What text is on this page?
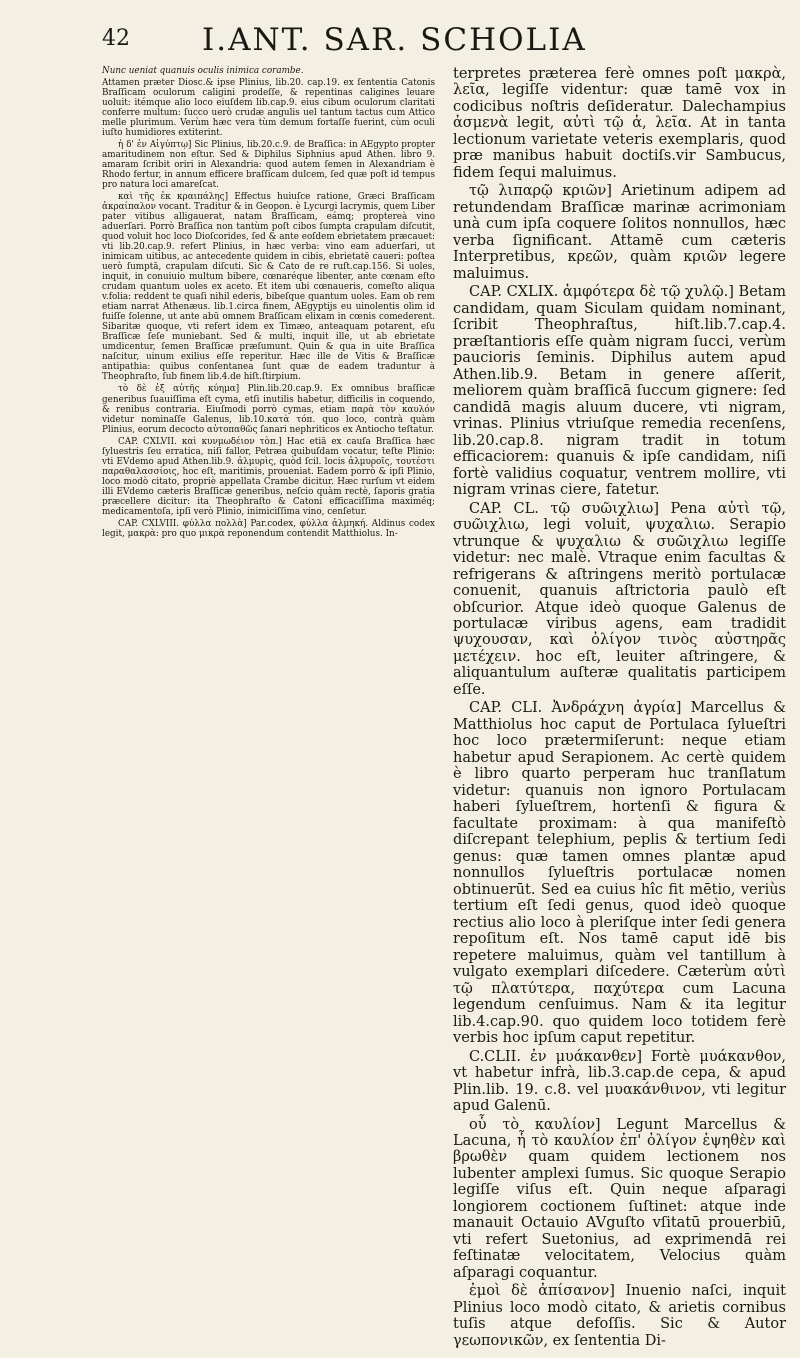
42 I.ANT. SAR. SCHOLIA

Nunc ueniat quanuis oculis inimica corambe.

Attamen præter Diosc.& ipse Plinius, lib.20. cap.19. ex ſententia Catonis Braſſicam oculorum caligini prodeſſe, & repentinas caligines leuare uoluit: itémque alio loco eiuſdem lib.cap.9. eius cibum oculorum claritati conferre multum: ſucco uerò crudæ angulis uel tantum tactus cum Attico melle plurimum. Verùm hæc vera tùm demum fortaſſe fuerint, cùm oculi iuſto humidiores extiterint.

ἡ δ' ἐν Αἰγύπτῳ] Sic Plinius, lib.20.c.9. de Braſſica: in AEgypto propter amaritudinem non eſtur. Sed & Diphilus Siphnius apud Athen. libro 9. amaram ſcribit oriri in Alexandria: quod autem ſemen in Alexandriam è Rhodo fertur, in annum efficere braſſicam dulcem, ſed quæ poſt id tempus pro natura loci amareſcat.

καὶ τῆς ἐκ κραιπάλης] Effectus huiuſce ratione, Græci Braſſicam ἀκραίπαλον vocant. Traditur & in Geopon. è Lycurgi lacrymis, quem Liber pater vitibus alligauerat, natam Braſſicam, eámq; proptereà vino aduerſari. Porrò Braſſica non tantùm poſt cibos ſumpta crapulam diſcutit, quod voluit hoc loco Dioſcorides, ſed & ante eoſdem ebrietatem præcauet: vti lib.20.cap.9. refert Plinius, in hæc verba: vino eam aduerſari, ut inimicam uitibus, ac antecedente quidem in cibis, ebrietatē caueri: poſtea uerò ſumptā, crapulam diſcuti. Sic & Cato de re ruſt.cap.156. Si uoles, inquit, in conuiuio multum bibere, cœnaréque libenter, ante cœnam eſto crudam quantum uoles ex aceto. Et item ubi cœnaueris, comeſto aliqua v.folia: reddent te quaſi nihil ederis, bibeſque quantum uoles. Eam ob rem etiam narrat Athenæus. lib.1.circa finem, AEgyptijs eu uinolentis olim id fuiſſe ſolenne, ut ante abū omnem Braſſicam elixam in cœnis comederent. Sibaritæ quoque, vti refert idem ex Timæo, anteaquam potarent, eſu Braſſicæ ſeſe muniebant. Sed & multi, inquit ille, ut ab ebrietate umdicentur, ſemen Braſſicæ præſumunt. Quin & qua in uite Braſſica naſcitur, uinum exilius eſſe reperitur. Hæc ille de Vitis & Braſſicæ antipathia: quibus conſentanea ſunt quæ de eadem traduntur à Theophraſto, ſub finem lib.4.de hiſt.ſtirpium.

τὸ δὲ ἐξ αὐτῆς κύημα] Plin.lib.20.cap.9. Ex omnibus braſſicæ generibus ſuauiſſima eſt cyma, etſi inutilis habetur, difficilis in coquendo, & renibus contraria. Eiuſmodi porrò cymas, etiam παρὰ τὸν καυλόν videtur nominaſſe Galenus, lib.10.κατὰ τόπ. quo loco, contrà quàm Plinius, eorum decocto αὐτοπαθῶς ſanari nephriticos ex Antiocho teſtatur.

CAP. CXLVII. καὶ κυνμωδέιον τὸπ.] Hac etiā ex cauſa Braſſica hæc ſyluestris ſeu erratica, niſi fallor, Petræa quibuſdam vocatur, teſte Plinio: vti EVdemo apud Athen.lib.9. ἀλμυρὶς, quòd ſcil. locis ἁλμυροῖς, τουτέστι παραθαλασσίοις, hoc eſt, maritimis, proueniat. Eadem porrò & ipſi Plinio, loco modò citato, propriè appellata Crambe dicitur. Hæc rurſum vt eidem illi EVdemo cæteris Braſſicæ generibus, neſcio quàm rectè, ſaporis gratia præcellere dicitur: ita Theophraſto & Catoni efficaciſſima maximéq; medicamentoſa, ipſi verò Plinio, inimiciſſima vino, cenſetur.

CAP. CXLVIII. φύλλα πολλὰ] Par.codex, φύλλα ἀλμηκή. Aldinus codex legit, μακρὰ: pro quo μικρὰ reponendum contendit Matthiolus. In-

terpretes præterea ferè omnes poſt μακρὰ, λεῖα, legiſſe videntur: quæ tamē vox in codicibus noſtris deſideratur. Dalechampius ἀσμενὰ legit, αὐτὶ τῷ ἁ, λεῖα. At in tanta lectionum varietate veteris exemplaris, quod præ manibus habuit doctiſs.vir Sambucus, fidem ſequi maluimus.

τῷ λιπαρῷ κριῶν] Arietinum adipem ad retundendam Braſſicæ marinæ acrimoniam unà cum ipſa coquere ſolitos nonnullos, hæc verba ſignificant. Attamē cum cæteris Interpretibus, κρεῶν, quàm κριῶν legere maluimus.

CAP. CXLIX. ἀμφότερα δὲ τῷ χυλῷ.] Betam candidam, quam Siculam quidam nominant, ſcribit Theophraſtus, hiſt.lib.7.cap.4. præſtantioris eſſe quàm nigram ſucci, verùm paucioris ſeminis. Diphilus autem apud Athen.lib.9. Betam in genere aſſerit, meliorem quàm braſſicā ſuccum gignere: ſed candidā magis aluum ducere, vti nigram, vrinas. Plinius vtriuſque remedia recenſens, lib.20.cap.8. nigram tradit in totum efficaciorem: quanuis & ipſe candidam, niſi fortè validius coquatur, ventrem mollire, vti nigram vrinas ciere, fatetur.

CAP. CL. τῷ συῶιχλιω] Pena αὐτὶ τῷ, συῶιχλιω, legi voluit, ψυχαλιω. Serapio vtrunque & ψυχαλιω & συῶιχλιω legiſſe videtur: nec malè. Vtraque enim facultas & refrigerans & aſtringens meritò portulacæ conuenit, quanuis aſtrictoria paulò eſt obſcurior. Atque ideò quoque Galenus de portulacæ viribus agens, eam tradidit ψυχουσαν, καὶ ὀλίγον τινὸς αὐστηρᾶς μετέχειν. hoc eſt, leuiter aſtringere, & aliquantulum auſteræ qualitatis participem eſſe.

CAP. CLI. Ἀνδράχνη ἀγρία] Marcellus & Matthiolus hoc caput de Portulaca ſylueſtri hoc loco prætermiſerunt: neque etiam habetur apud Serapionem. Ac certè quidem è libro quarto perperam huc tranſlatum videtur: quanuis non ignoro Portulacam haberi ſylueſtrem, hortenſi & figura & facultate proximam: à qua manifeſtò diſcrepant telephium, peplis & tertium ſedi genus: quæ tamen omnes plantæ apud nonnullos ſylueſtris portulacæ nomen obtinuerūt. Sed ea cuius hîc fit mētio, veriùs tertium eſt ſedi genus, quod ideò quoque rectius alio loco à pleriſque inter ſedi genera repoſitum eſt. Nos tamē caput idē bis repetere maluimus, quàm vel tantillum à vulgato exemplari diſcedere. Cæterùm αὐτὶ τῷ πλατύτερα, παχύτερα cum Lacuna legendum cenſuimus. Nam & ita legitur lib.4.cap.90. quo quidem loco totidem ferè verbis hoc ipſum caput repetitur.

C.CLII. ἐν μυάκανθεν] Fortè μυάκανθον, vt habetur infrà, lib.3.cap.de cepa, & apud Plin.lib. 19. c.8. vel μυακάνθινον, vti legitur apud Galenū.

οὗ τὸ καυλίον] Legunt Marcellus & Lacuna, ἧ τὸ καυλίον ἐπ' ὀλίγον ἑψηθὲν καὶ βρωθὲν quam quidem lectionem nos lubenter amplexi ſumus. Sic quoque Serapio legiſſe viſus eſt. Quin neque aſparagi longiorem coctionem ſuſtinet: atque inde manauit Octauio AVguſto vſitatū prouerbiū, vti refert Suetonius, ad exprimendā rei feſtinatæ velocitatem, Velocius quàm aſparagi coquantur.

ἐμοὶ δὲ ἀπίσανον] Inuenio naſci, inquit Plinius loco modò citato, & arietis cornibus tuſis atque defoſſis. Sic & Autor γεωπονικῶν, ex ſententia Di-
